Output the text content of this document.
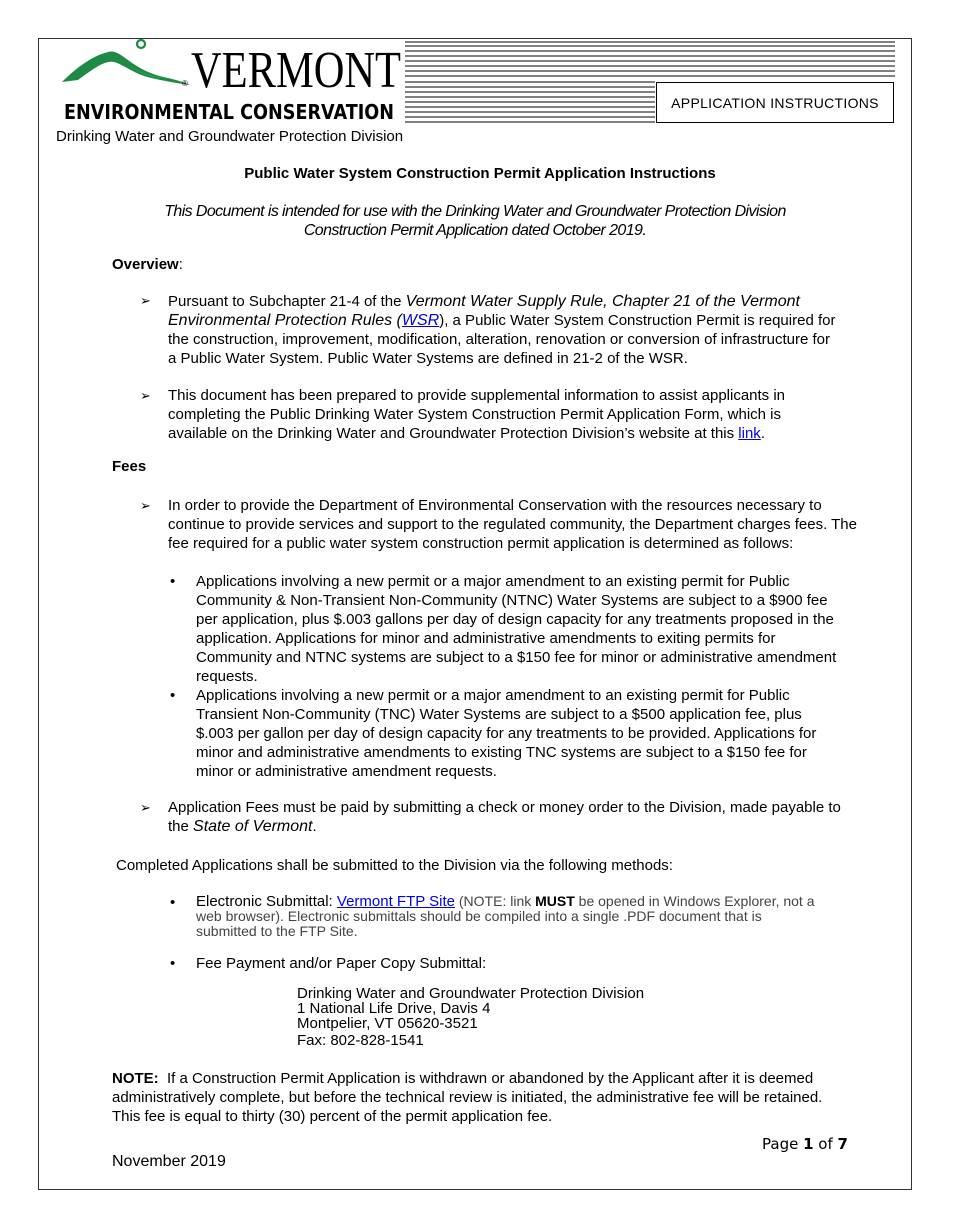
® VERMONT
ENVIRONMENTAL CONSERVATION	APPLICATION INSTRUCTIONS
Drinking Water and Groundwater Protection Division
Public Water System Construction Permit Application Instructions
This Document is intended for use with the Drinking Water and Groundwater Protection Division
Construction Permit Application dated October 2019.
Overview:
➢ Pursuant to Subchapter 21-4 of the Vermont Water Supply Rule, Chapter 21 of the Vermont Environmental Protection Rules (WSR), a Public Water System Construction Permit is required for the construction, improvement, modification, alteration, renovation or conversion of infrastructure for a Public Water System. Public Water Systems are defined in 21-2 of the WSR.
➢ This document has been prepared to provide supplemental information to assist applicants in completing the Public Drinking Water System Construction Permit Application Form, which is available on the Drinking Water and Groundwater Protection Division’s website at this link.
Fees
➢ In order to provide the Department of Environmental Conservation with the resources necessary to continue to provide services and support to the regulated community, the Department charges fees. The fee required for a public water system construction permit application is determined as follows:
• Applications involving a new permit or a major amendment to an existing permit for Public Community & Non-Transient Non-Community (NTNC) Water Systems are subject to a $900 fee per application, plus $.003 gallons per day of design capacity for any treatments proposed in the application. Applications for minor and administrative amendments to exiting permits for Community and NTNC systems are subject to a $150 fee for minor or administrative amendment requests.
• Applications involving a new permit or a major amendment to an existing permit for Public Transient Non-Community (TNC) Water Systems are subject to a $500 application fee, plus $.003 per gallon per day of design capacity for any treatments to be provided. Applications for minor and administrative amendments to existing TNC systems are subject to a $150 fee for minor or administrative amendment requests.
➢ Application Fees must be paid by submitting a check or money order to the Division, made payable to the State of Vermont.
Completed Applications shall be submitted to the Division via the following methods:
• Electronic Submittal: Vermont FTP Site (NOTE: link MUST be opened in Windows Explorer, not a web browser). Electronic submittals should be compiled into a single .PDF document that is submitted to the FTP Site.
• Fee Payment and/or Paper Copy Submittal:
Drinking Water and Groundwater Protection Division
1 National Life Drive, Davis 4
Montpelier, VT 05620-3521
Fax: 802-828-1541
NOTE:  If a Construction Permit Application is withdrawn or abandoned by the Applicant after it is deemed administratively complete, but before the technical review is initiated, the administrative fee will be retained. This fee is equal to thirty (30) percent of the permit application fee.
Page 1 of 7
November 2019
